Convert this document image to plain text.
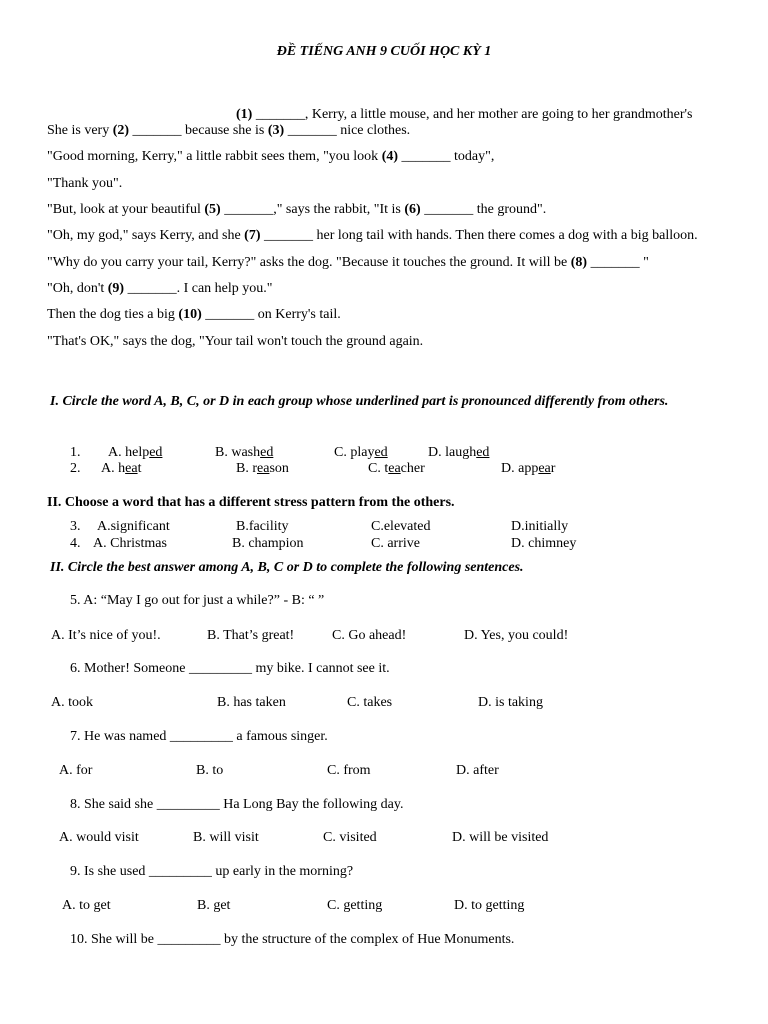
ĐỀ TIẾNG ANH 9 CUỐI HỌC KỲ 1
(1) _______, Kerry, a little mouse, and her mother are going to her grandmother's
She is very (2) _______ because she is (3) _______ nice clothes.
"Good morning, Kerry," a little rabbit sees them, "you look (4) _______ today",
"Thank you".
"But, look at your beautiful (5) _______," says the rabbit, "It is (6) _______ the ground".
"Oh, my god," says Kerry, and she (7) _______ her long tail with hands. Then there comes a dog with a big balloon.
"Why do you carry your tail, Kerry?" asks the dog. "Because it touches the ground. It will be (8) _______ "
"Oh, don't (9) _______. I can help you."
Then the dog ties a big (10) _______ on Kerry's tail.
"That's OK," says the dog, "Your tail won't touch the ground again.
I. Circle the word A, B, C, or D in each group whose underlined part is pronounced differently from others.
1. A. helped	B. washed	C. played	D. laughed
2. A. heat	B. reason	C. teacher	D. appear
II. Choose a word that has a different stress pattern from the others.
3. A.significant	B.facility	C.elevated	D.initially
4. A. Christmas	B. champion	C. arrive	D. chimney
II. Circle the best answer among A, B, C or D to complete the following sentences.
5. A: “May I go out for just a while?” - B: “ ”
A. It’s nice of you!.	B. That’s great!	C. Go ahead!	D. Yes, you could!
6. Mother! Someone _________ my bike. I cannot see it.
A. took	B. has taken	C. takes	D. is taking
7. He was named _________ a famous singer.
A. for	B. to	C. from	D. after
8. She said she _________ Ha Long Bay the following day.
A. would visit	B. will visit	C. visited	D. will be visited
9. Is she used _________ up early in the morning?
A. to get	B. get	C. getting	D. to getting
10. She will be _________ by the structure of the complex of Hue Monuments.
